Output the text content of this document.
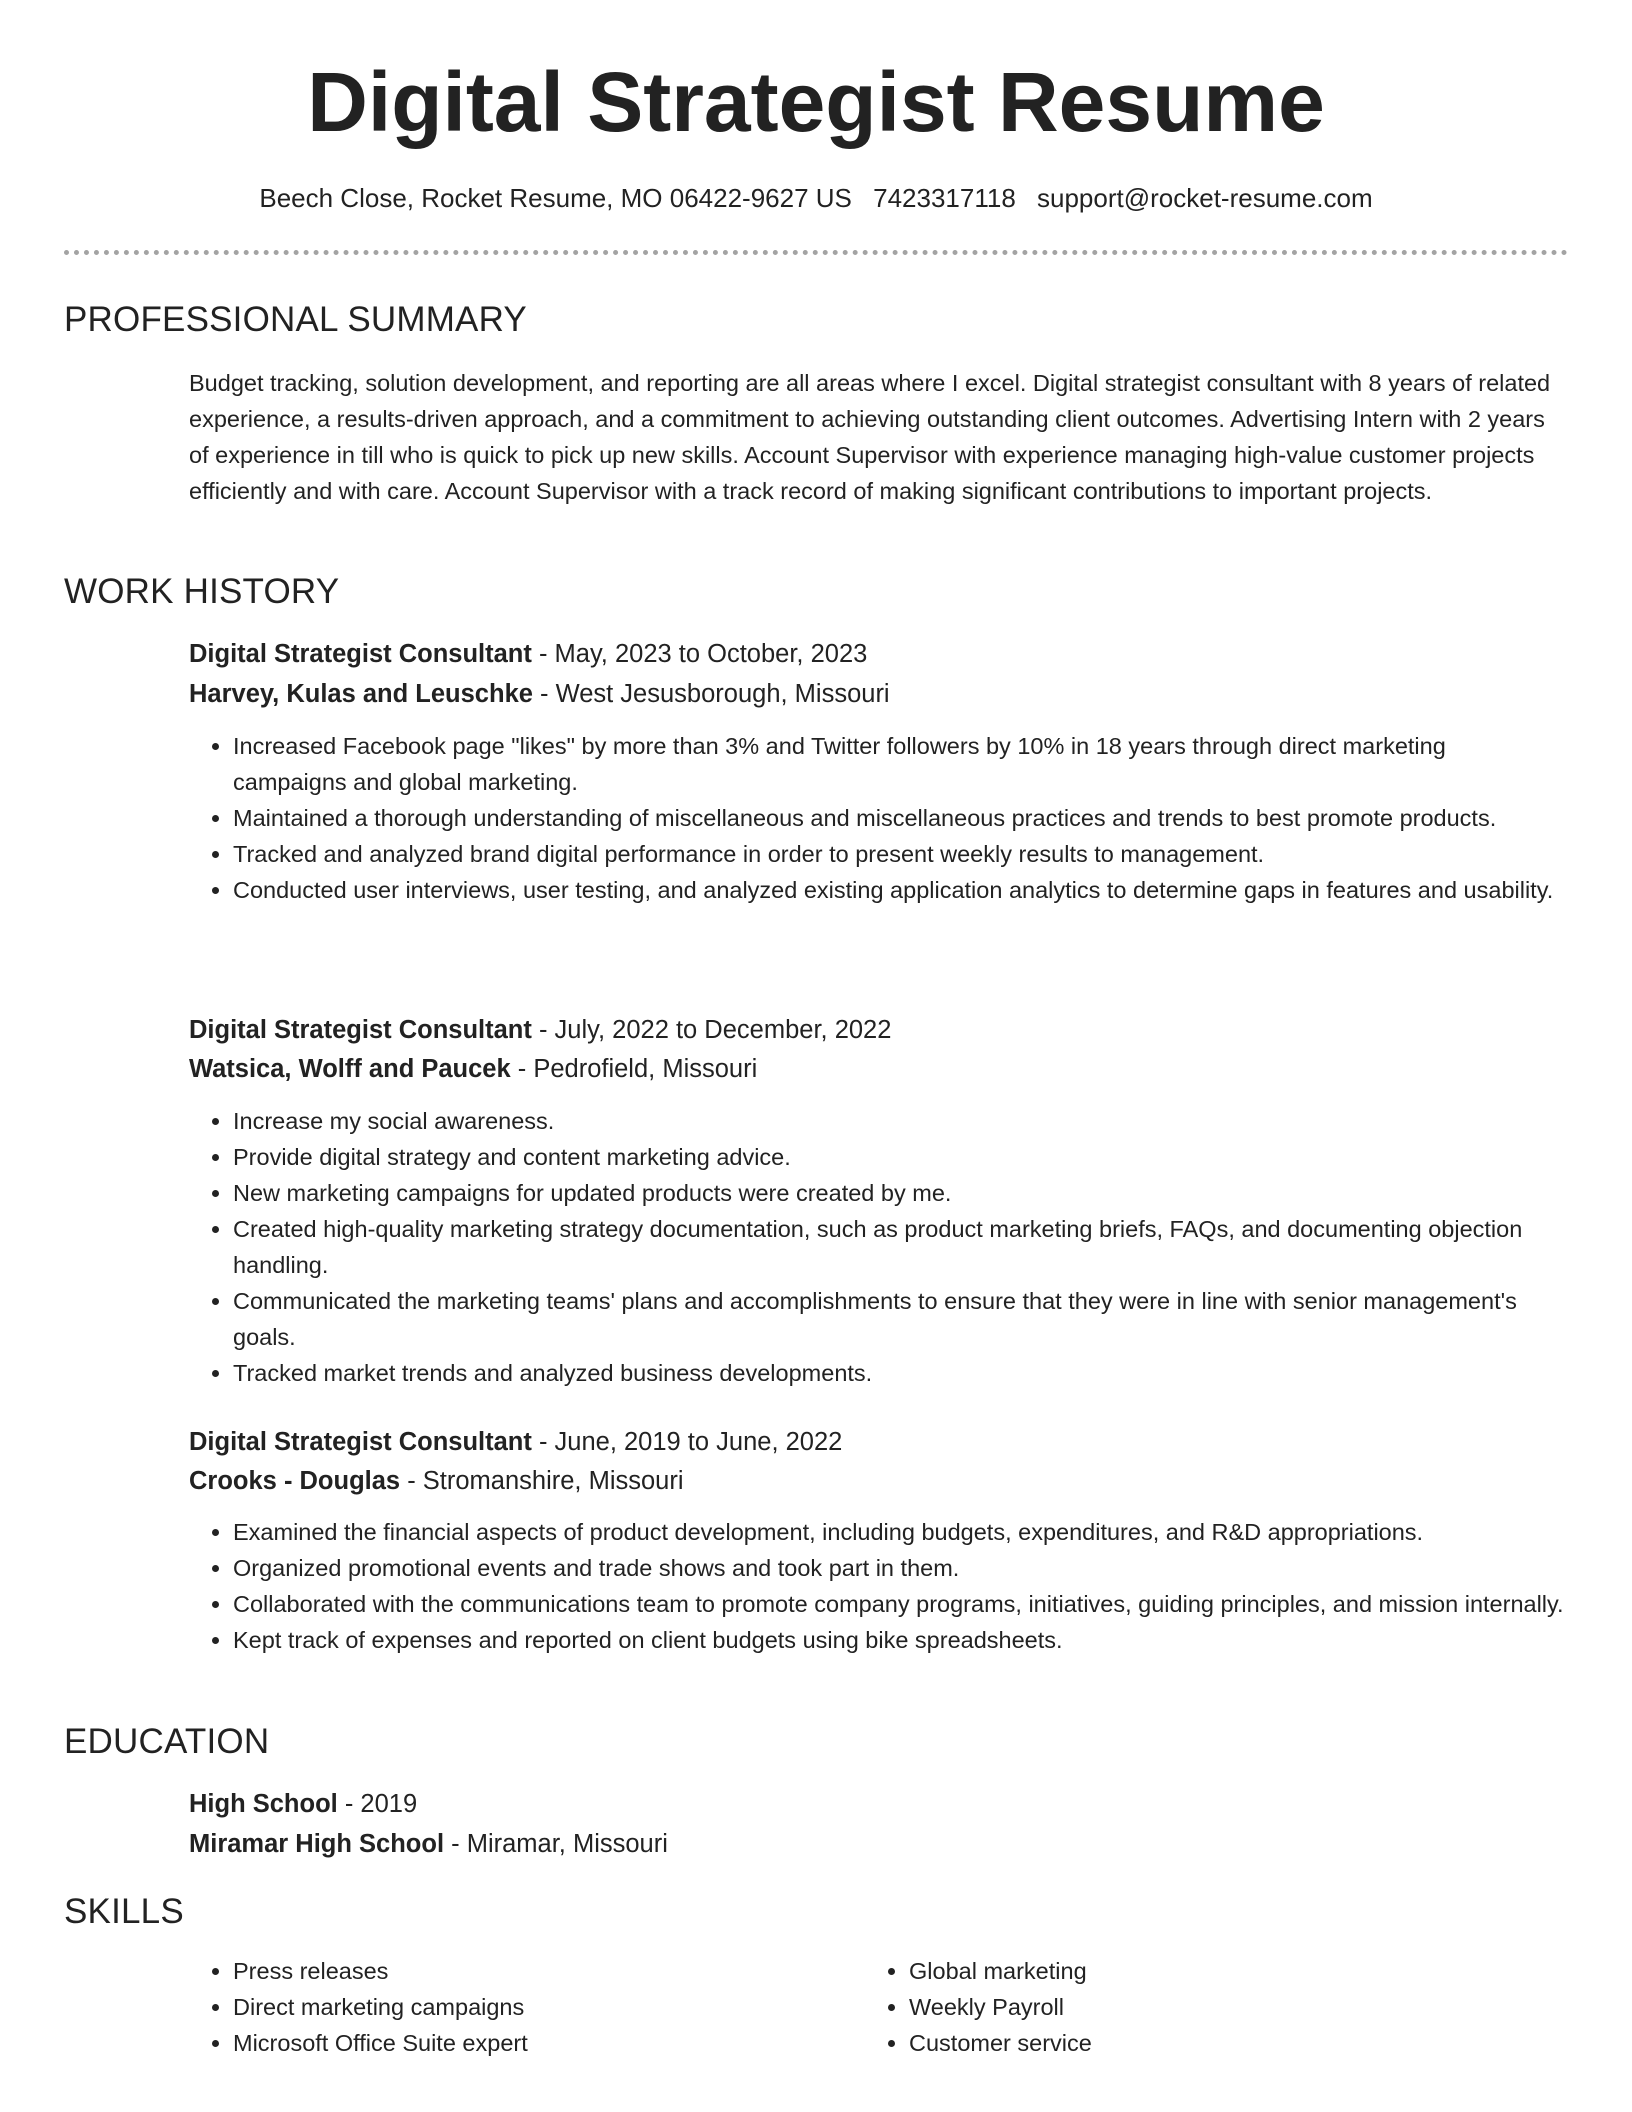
Digital Strategist Resume
Beech Close, Rocket Resume, MO 06422-9627 US 7423317118 support@rocket-resume.com
PROFESSIONAL SUMMARY

Budget tracking, solution development, and reporting are all areas where I excel. Digital strategist consultant with 8 years of related experience, a results-driven approach, and a commitment to achieving outstanding client outcomes. Advertising Intern with 2 years of experience in till who is quick to pick up new skills. Account Supervisor with experience managing high-value customer projects efficiently and with care. Account Supervisor with a track record of making significant contributions to important projects.

WORK HISTORY
Digital Strategist Consultant - May, 2023 to October, 2023
Harvey, Kulas and Leuschke - West Jesusborough, Missouri
• Increased Facebook page "likes" by more than 3% and Twitter followers by 10% in 18 years through direct marketing campaigns and global marketing.
• Maintained a thorough understanding of miscellaneous and miscellaneous practices and trends to best promote products.
• Tracked and analyzed brand digital performance in order to present weekly results to management.
• Conducted user interviews, user testing, and analyzed existing application analytics to determine gaps in features and usability.
Digital Strategist Consultant - July, 2022 to December, 2022
Watsica, Wolff and Paucek - Pedrofield, Missouri
• Increase my social awareness.
• Provide digital strategy and content marketing advice.
• New marketing campaigns for updated products were created by me.
• Created high-quality marketing strategy documentation, such as product marketing briefs, FAQs, and documenting objection handling.
• Communicated the marketing teams' plans and accomplishments to ensure that they were in line with senior management's goals.
• Tracked market trends and analyzed business developments.
Digital Strategist Consultant - June, 2019 to June, 2022
Crooks - Douglas - Stromanshire, Missouri
• Examined the financial aspects of product development, including budgets, expenditures, and R&D appropriations.
• Organized promotional events and trade shows and took part in them.
• Collaborated with the communications team to promote company programs, initiatives, guiding principles, and mission internally.
• Kept track of expenses and reported on client budgets using bike spreadsheets.
EDUCATION
High School - 2019
Miramar High School - Miramar, Missouri
SKILLS
• Press releases
• Direct marketing campaigns
• Microsoft Office Suite expert
• Global marketing
• Weekly Payroll
• Customer service
